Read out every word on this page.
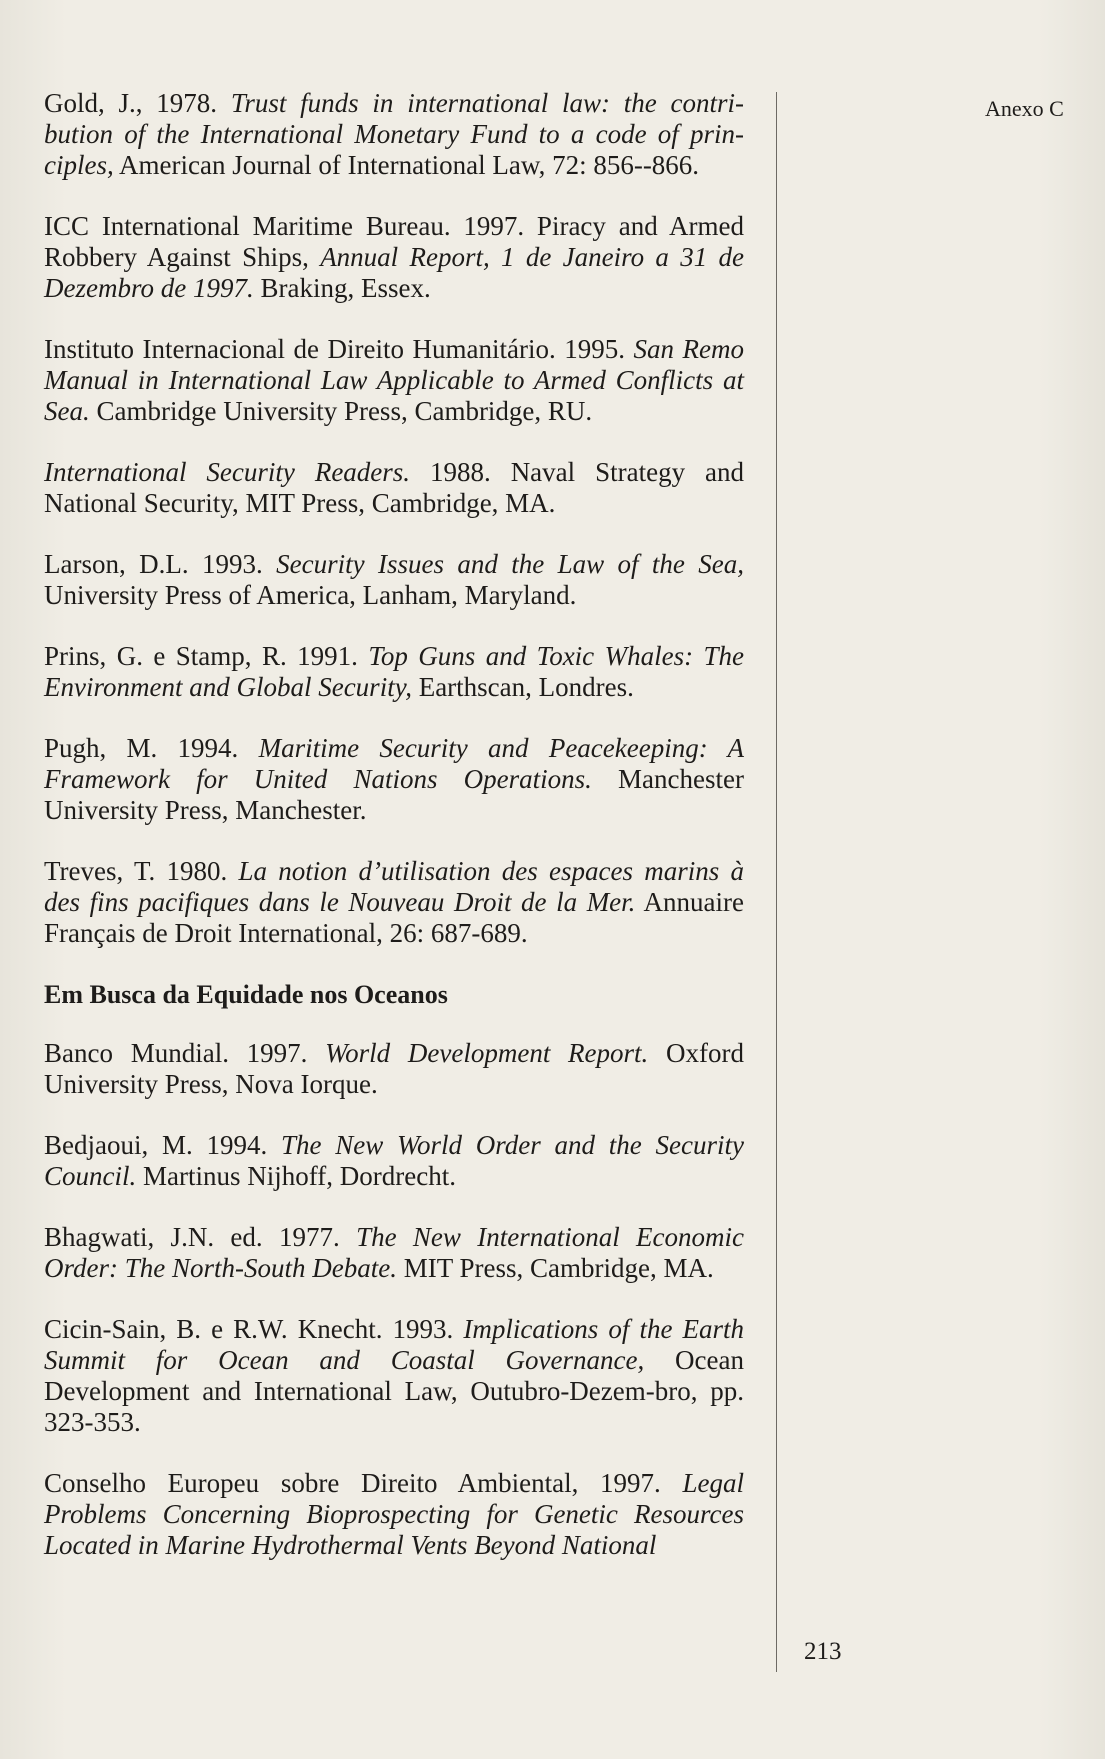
Anexo C

Gold, J., 1978. Trust funds in international law: the contri-bution of the International Monetary Fund to a code of prin-ciples, American Journal of International Law, 72: 856--866.

ICC International Maritime Bureau. 1997. Piracy and Armed Robbery Against Ships, Annual Report, 1 de Janeiro a 31 de Dezembro de 1997. Braking, Essex.

Instituto Internacional de Direito Humanitário. 1995. San Remo Manual in International Law Applicable to Armed Conflicts at Sea. Cambridge University Press, Cambridge, RU.

International Security Readers. 1988. Naval Strategy and National Security, MIT Press, Cambridge, MA.

Larson, D.L. 1993. Security Issues and the Law of the Sea, University Press of America, Lanham, Maryland.

Prins, G. e Stamp, R. 1991. Top Guns and Toxic Whales: The Environment and Global Security, Earthscan, Londres.

Pugh, M. 1994. Maritime Security and Peacekeeping: A Framework for United Nations Operations. Manchester University Press, Manchester.

Treves, T. 1980. La notion d’utilisation des espaces marins à des fins pacifiques dans le Nouveau Droit de la Mer. Annuaire Français de Droit International, 26: 687-689.

Em Busca da Equidade nos Oceanos

Banco Mundial. 1997. World Development Report. Oxford University Press, Nova Iorque.

Bedjaoui, M. 1994. The New World Order and the Security Council. Martinus Nijhoff, Dordrecht.

Bhagwati, J.N. ed. 1977. The New International Economic Order: The North-South Debate. MIT Press, Cambridge, MA.

Cicin-Sain, B. e R.W. Knecht. 1993. Implications of the Earth Summit for Ocean and Coastal Governance, Ocean Development and International Law, Outubro-Dezem-bro, pp. 323-353.

Conselho Europeu sobre Direito Ambiental, 1997. Legal Problems Concerning Bioprospecting for Genetic Resources Located in Marine Hydrothermal Vents Beyond National

213
